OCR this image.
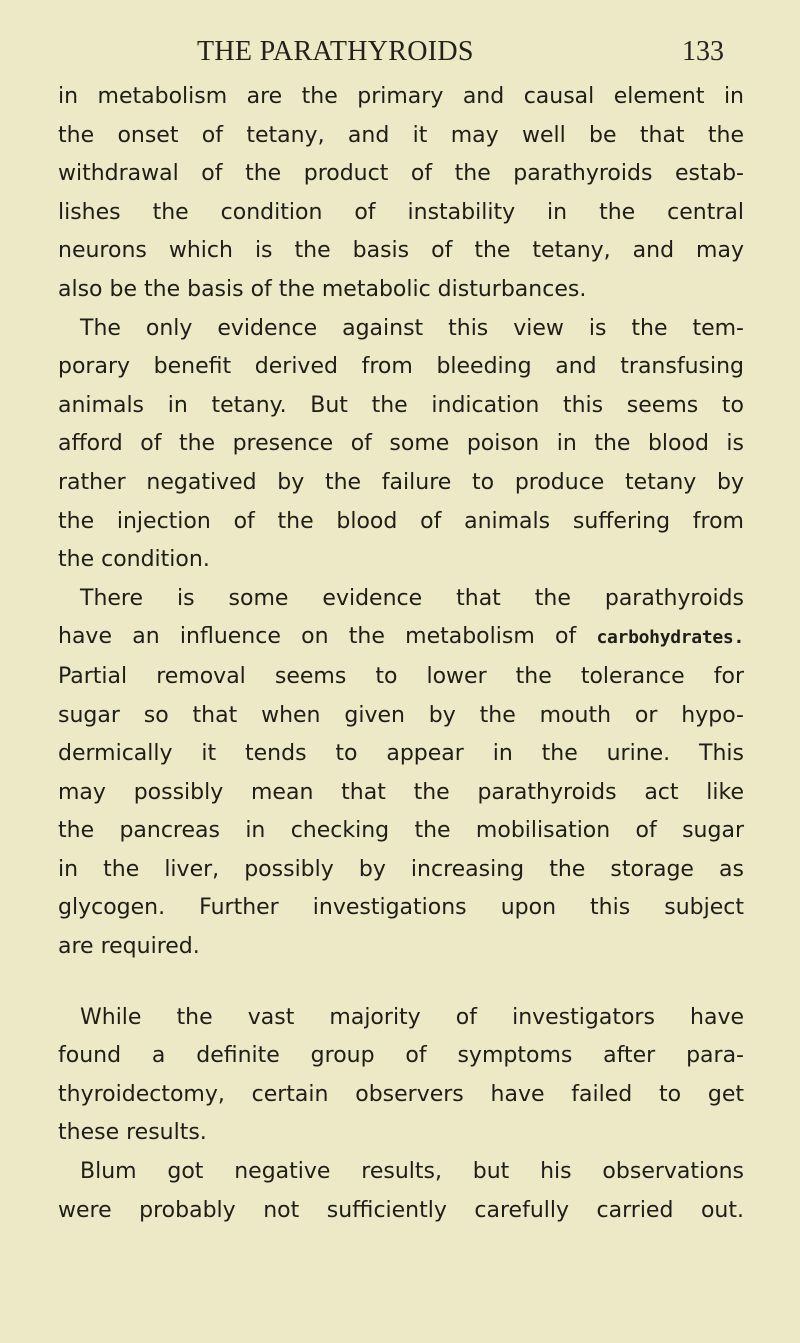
THE PARATHYROIDS	133

in metabolism are the primary and causal element in
the onset of tetany, and it may well be that the
withdrawal of the product of the parathyroids estab-
lishes the condition of instability in the central
neurons which is the basis of the tetany, and may
also be the basis of the metabolic disturbances.

The only evidence against this view is the tem-
porary benefit derived from bleeding and transfusing
animals in tetany. But the indication this seems to
afford of the presence of some poison in the blood is
rather negatived by the failure to produce tetany by
the injection of the blood of animals suffering from
the condition.

There is some evidence that the parathyroids
have an influence on the metabolism of carbohydrates.
Partial removal seems to lower the tolerance for
sugar so that when given by the mouth or hypo-
dermically it tends to appear in the urine. This
may possibly mean that the parathyroids act like
the pancreas in checking the mobilisation of sugar
in the liver, possibly by increasing the storage as
glycogen. Further investigations upon this subject
are required.

While the vast majority of investigators have
found a definite group of symptoms after para-
thyroidectomy, certain observers have failed to get
these results.

Blum got negative results, but his observations
were probably not sufficiently carefully carried out.
